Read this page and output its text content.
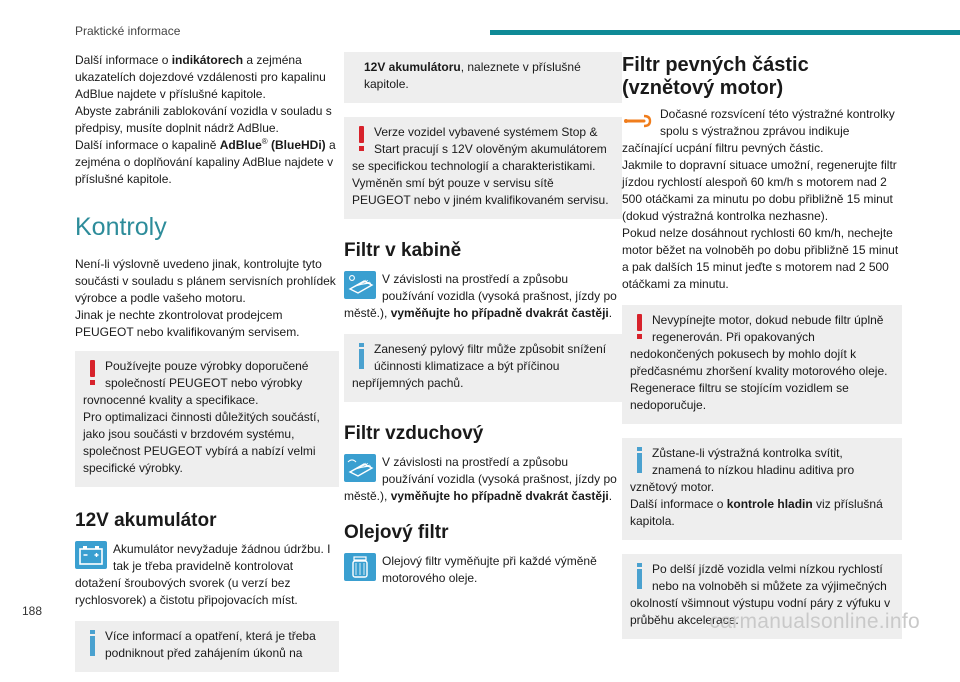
Praktické informace

Další informace o indikátorech a zejména ukazatelích dojezdové vzdálenosti pro kapalinu AdBlue najdete v příslušné kapitole.
Abyste zabránili zablokování vozidla v souladu s předpisy, musíte doplnit nádrž AdBlue.
Další informace o kapalině AdBlue® (BlueHDi) a zejména o doplňování kapaliny AdBlue najdete v příslušné kapitole.

Kontroly

Není-li výslovně uvedeno jinak, kontrolujte tyto součásti v souladu s plánem servisních prohlídek výrobce a podle vašeho motoru.
Jinak je nechte zkontrolovat prodejcem PEUGEOT nebo kvalifikovaným servisem.

Používejte pouze výrobky doporučené společností PEUGEOT nebo výrobky rovnocenné kvality a specifikace.
Pro optimalizaci činnosti důležitých součástí, jako jsou součásti v brzdovém systému, společnost PEUGEOT vybírá a nabízí velmi specifické výrobky.

12V akumulátor

Akumulátor nevyžaduje žádnou údržbu. I tak je třeba pravidelně kontrolovat dotažení šroubových svorek (u verzí bez rychlosvorek) a čistotu připojovacích míst.

Více informací a opatření, která je třeba podniknout před zahájením úkonů na

12V akumulátoru, naleznete v příslušné kapitole.

Verze vozidel vybavené systémem Stop & Start pracují s 12V olověným akumulátorem se specifickou technologií a charakteristikami.
Vyměněn smí být pouze v servisu sítě PEUGEOT nebo v jiném kvalifikovaném servisu.

Filtr v kabině

V závislosti na prostředí a způsobu používání vozidla (vysoká prašnost, jízdy po městě.), vyměňujte ho případně dvakrát častěji.

Zanesený pylový filtr může způsobit snížení účinnosti klimatizace a být příčinou nepříjemných pachů.

Filtr vzduchový

V závislosti na prostředí a způsobu používání vozidla (vysoká prašnost, jízdy po městě.), vyměňujte ho případně dvakrát častěji.

Olejový filtr

Olejový filtr vyměňujte při každé výměně motorového oleje.

Filtr pevných částic
(vznětový motor)

Dočasné rozsvícení této výstražné kontrolky spolu s výstražnou zprávou indikuje začínající ucpání filtru pevných částic.
Jakmile to dopravní situace umožní, regenerujte filtr jízdou rychlostí alespoň 60 km/h s motorem nad 2 500 otáčkami za minutu po dobu přibližně 15 minut (dokud výstražná kontrolka nezhasne).
Pokud nelze dosáhnout rychlosti 60 km/h, nechejte motor běžet na volnoběh po dobu přibližně 15 minut a pak dalších 15 minut jeďte s motorem nad 2 500 otáčkami za minutu.

Nevypínejte motor, dokud nebude filtr úplně regenerován. Při opakovaných nedokončených pokusech by mohlo dojít k předčasnému zhoršení kvality motorového oleje.
Regenerace filtru se stojícím vozidlem se nedoporučuje.

Zůstane-li výstražná kontrolka svítit, znamená to nízkou hladinu aditiva pro vznětový motor.
Další informace o kontrole hladin viz příslušná kapitola.

Po delší jízdě vozidla velmi nízkou rychlostí nebo na volnoběh si můžete za výjimečných okolností všimnout výstupu vodní páry z výfuku v průběhu akcelerace.

188	carmanualsonline.info
